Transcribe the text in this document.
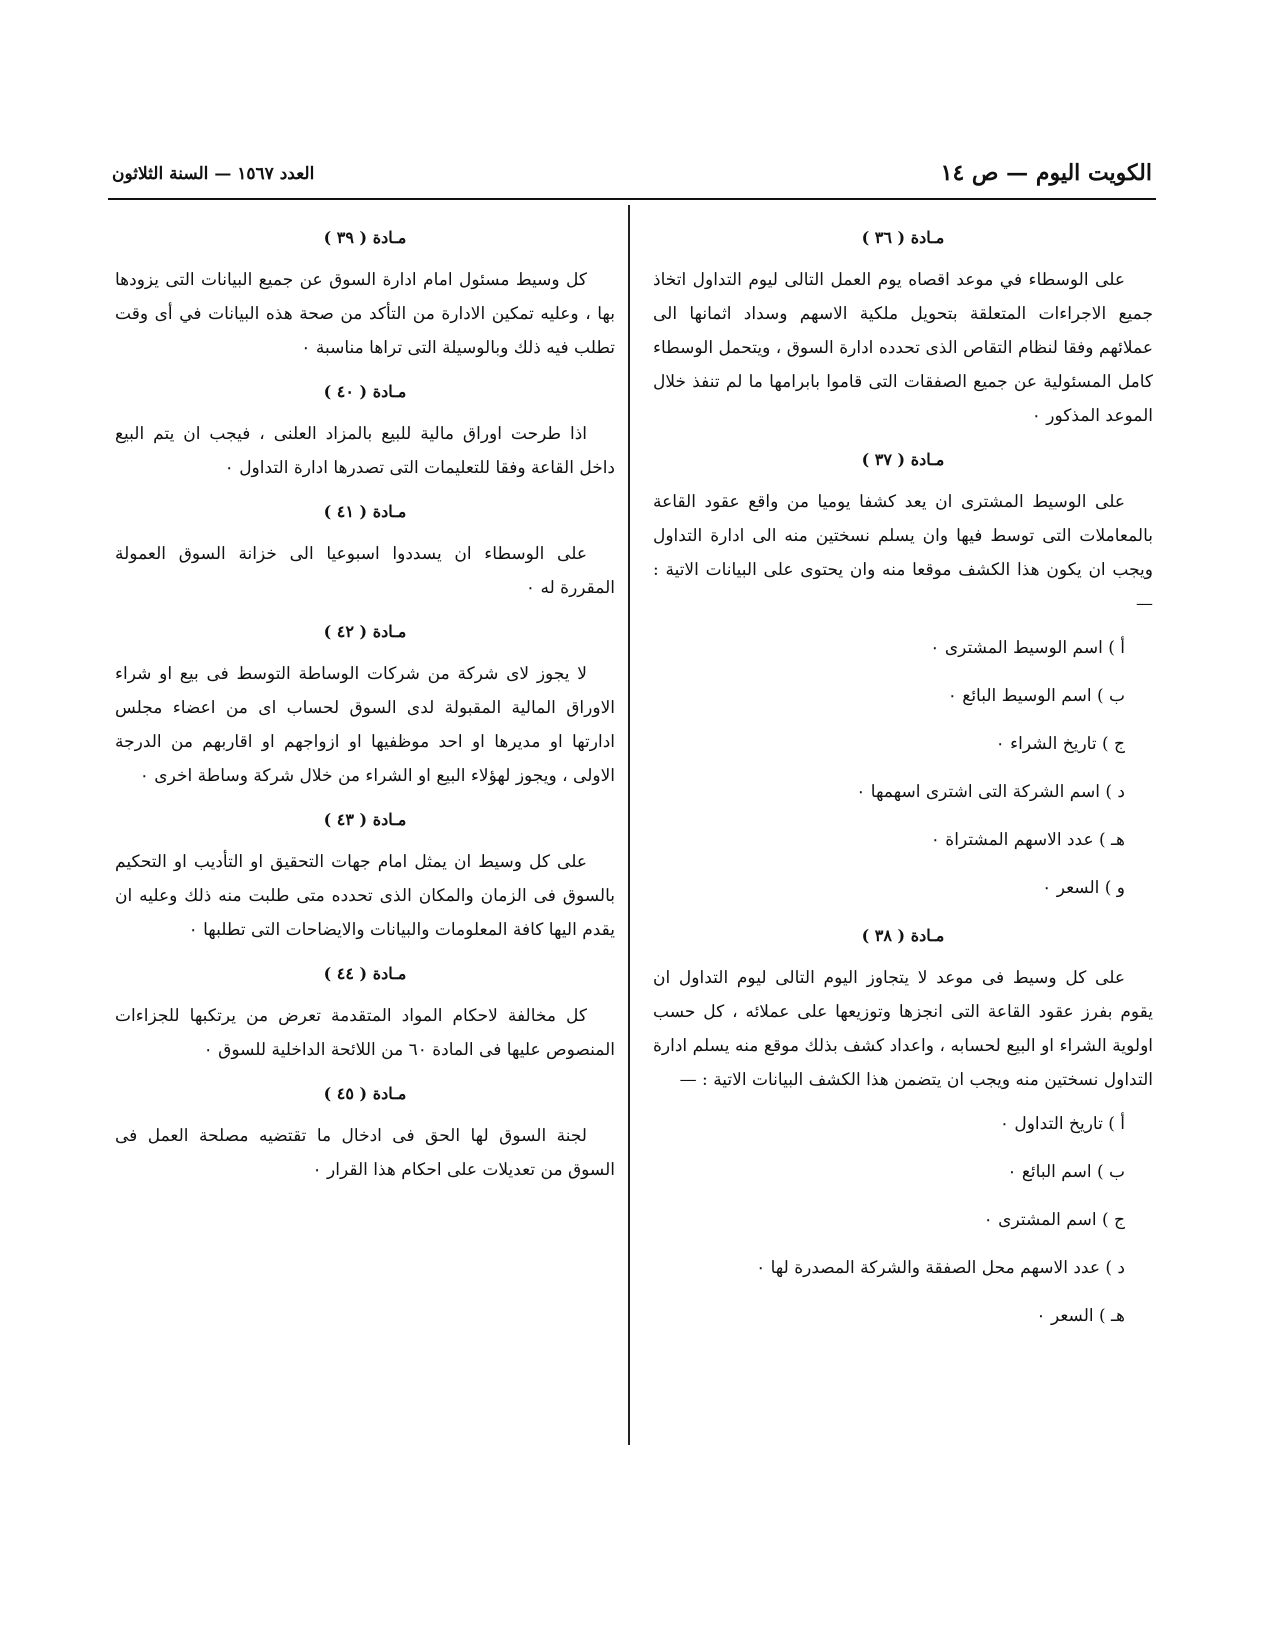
الكويت اليوم — ص ١٤
العدد ١٥٦٧ — السنة الثلاثون
مـادة ( ٣٦ )

على الوسطاء في موعد اقصاه يوم العمل التالى ليوم التداول اتخاذ جميع الاجراءات المتعلقة بتحويل ملكية الاسهم وسداد اثمانها الى عملائهم وفقا لنظام التقاص الذى تحدده ادارة السوق ، ويتحمل الوسطاء كامل المسئولية عن جميع الصفقات التى قاموا بابرامها ما لم تنفذ خلال الموعد المذكور ٠

مـادة ( ٣٧ )

على الوسيط المشترى ان يعد كشفا يوميا من واقع عقود القاعة بالمعاملات التى توسط فيها وان يسلم نسختين منه الى ادارة التداول ويجب ان يكون هذا الكشف موقعا منه وان يحتوى على البيانات الاتية : —

أ ) اسم الوسيط المشترى ٠
ب ) اسم الوسيط البائع ٠
ج ) تاريخ الشراء ٠
د ) اسم الشركة التى اشترى اسهمها ٠
هـ ) عدد الاسهم المشتراة ٠
و ) السعر ٠
مـادة ( ٣٨ )

على كل وسيط فى موعد لا يتجاوز اليوم التالى ليوم التداول ان يقوم بفرز عقود القاعة التى انجزها وتوزيعها على عملائه ، كل حسب اولوية الشراء او البيع لحسابه ، واعداد كشف بذلك موقع منه يسلم ادارة التداول نسختين منه ويجب ان يتضمن هذا الكشف البيانات الاتية : —

أ ) تاريخ التداول ٠
ب ) اسم البائع ٠
ج ) اسم المشترى ٠
د ) عدد الاسهم محل الصفقة والشركة المصدرة لها ٠
هـ ) السعر ٠
مـادة ( ٣٩ )

كل وسيط مسئول امام ادارة السوق عن جميع البيانات التى يزودها بها ، وعليه تمكين الادارة من التأكد من صحة هذه البيانات في أى وقت تطلب فيه ذلك وبالوسيلة التى تراها مناسبة ٠

مـادة ( ٤٠ )

اذا طرحت اوراق مالية للبيع بالمزاد العلنى ، فيجب ان يتم البيع داخل القاعة وفقا للتعليمات التى تصدرها ادارة التداول ٠

مـادة ( ٤١ )

على الوسطاء ان يسددوا اسبوعيا الى خزانة السوق العمولة المقررة له ٠

مـادة ( ٤٢ )

لا يجوز لاى شركة من شركات الوساطة التوسط فى بيع او شراء الاوراق المالية المقبولة لدى السوق لحساب اى من اعضاء مجلس ادارتها او مديرها او احد موظفيها او ازواجهم او اقاربهم من الدرجة الاولى ، ويجوز لهؤلاء البيع او الشراء من خلال شركة وساطة اخرى ٠

مـادة ( ٤٣ )

على كل وسيط ان يمثل امام جهات التحقيق او التأديب او التحكيم بالسوق فى الزمان والمكان الذى تحدده متى طلبت منه ذلك وعليه ان يقدم اليها كافة المعلومات والبيانات والايضاحات التى تطلبها ٠

مـادة ( ٤٤ )

كل مخالفة لاحكام المواد المتقدمة تعرض من يرتكبها للجزاءات المنصوص عليها فى المادة ٦٠ من اللائحة الداخلية للسوق ٠

مـادة ( ٤٥ )

لجنة السوق لها الحق فى ادخال ما تقتضيه مصلحة العمل فى السوق من تعديلات على احكام هذا القرار ٠
